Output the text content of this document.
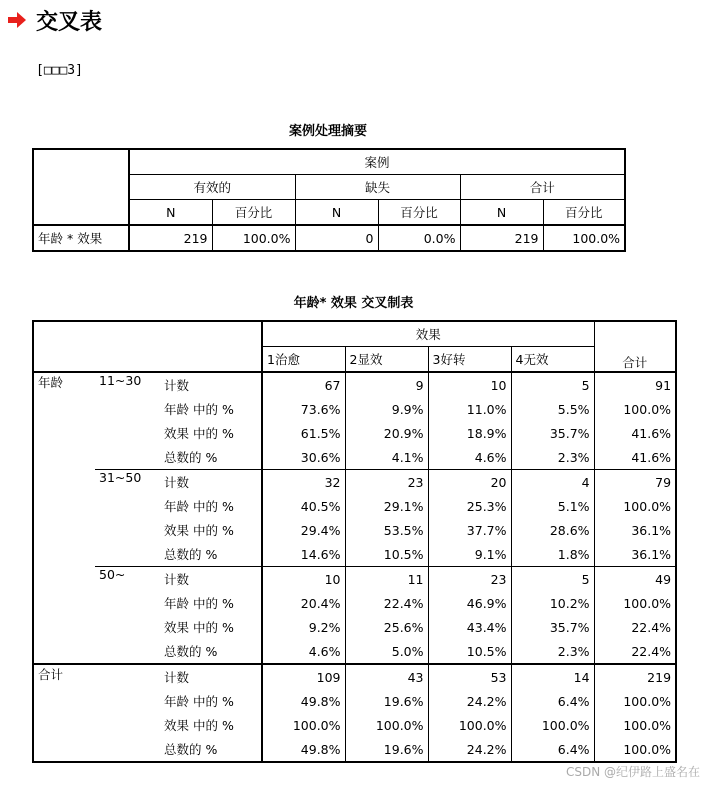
交叉表
[□□□3]
案例处理摘要
	案例					
	有效的		缺失		合计	
	N	百分比	N	百分比	N	百分比
年龄 * 效果	219	100.0%	0	0.0%	219	100.0%
年龄* 效果 交叉制表
			效果				合计
			1治愈	2显效	3好转	4无效	
年龄	11~30	计数	67	9	10	5	91
		年龄 中的 %	73.6%	9.9%	11.0%	5.5%	100.0%
		效果 中的 %	61.5%	20.9%	18.9%	35.7%	41.6%
		总数的 %	30.6%	4.1%	4.6%	2.3%	41.6%
	31~50	计数	32	23	20	4	79
		年龄 中的 %	40.5%	29.1%	25.3%	5.1%	100.0%
		效果 中的 %	29.4%	53.5%	37.7%	28.6%	36.1%
		总数的 %	14.6%	10.5%	9.1%	1.8%	36.1%
	50~	计数	10	11	23	5	49
		年龄 中的 %	20.4%	22.4%	46.9%	10.2%	100.0%
		效果 中的 %	9.2%	25.6%	43.4%	35.7%	22.4%
		总数的 %	4.6%	5.0%	10.5%	2.3%	22.4%
合计		计数	109	43	53	14	219
		年龄 中的 %	49.8%	19.6%	24.2%	6.4%	100.0%
		效果 中的 %	100.0%	100.0%	100.0%	100.0%	100.0%
		总数的 %	49.8%	19.6%	24.2%	6.4%	100.0%
CSDN @纪伊路上盛名在
